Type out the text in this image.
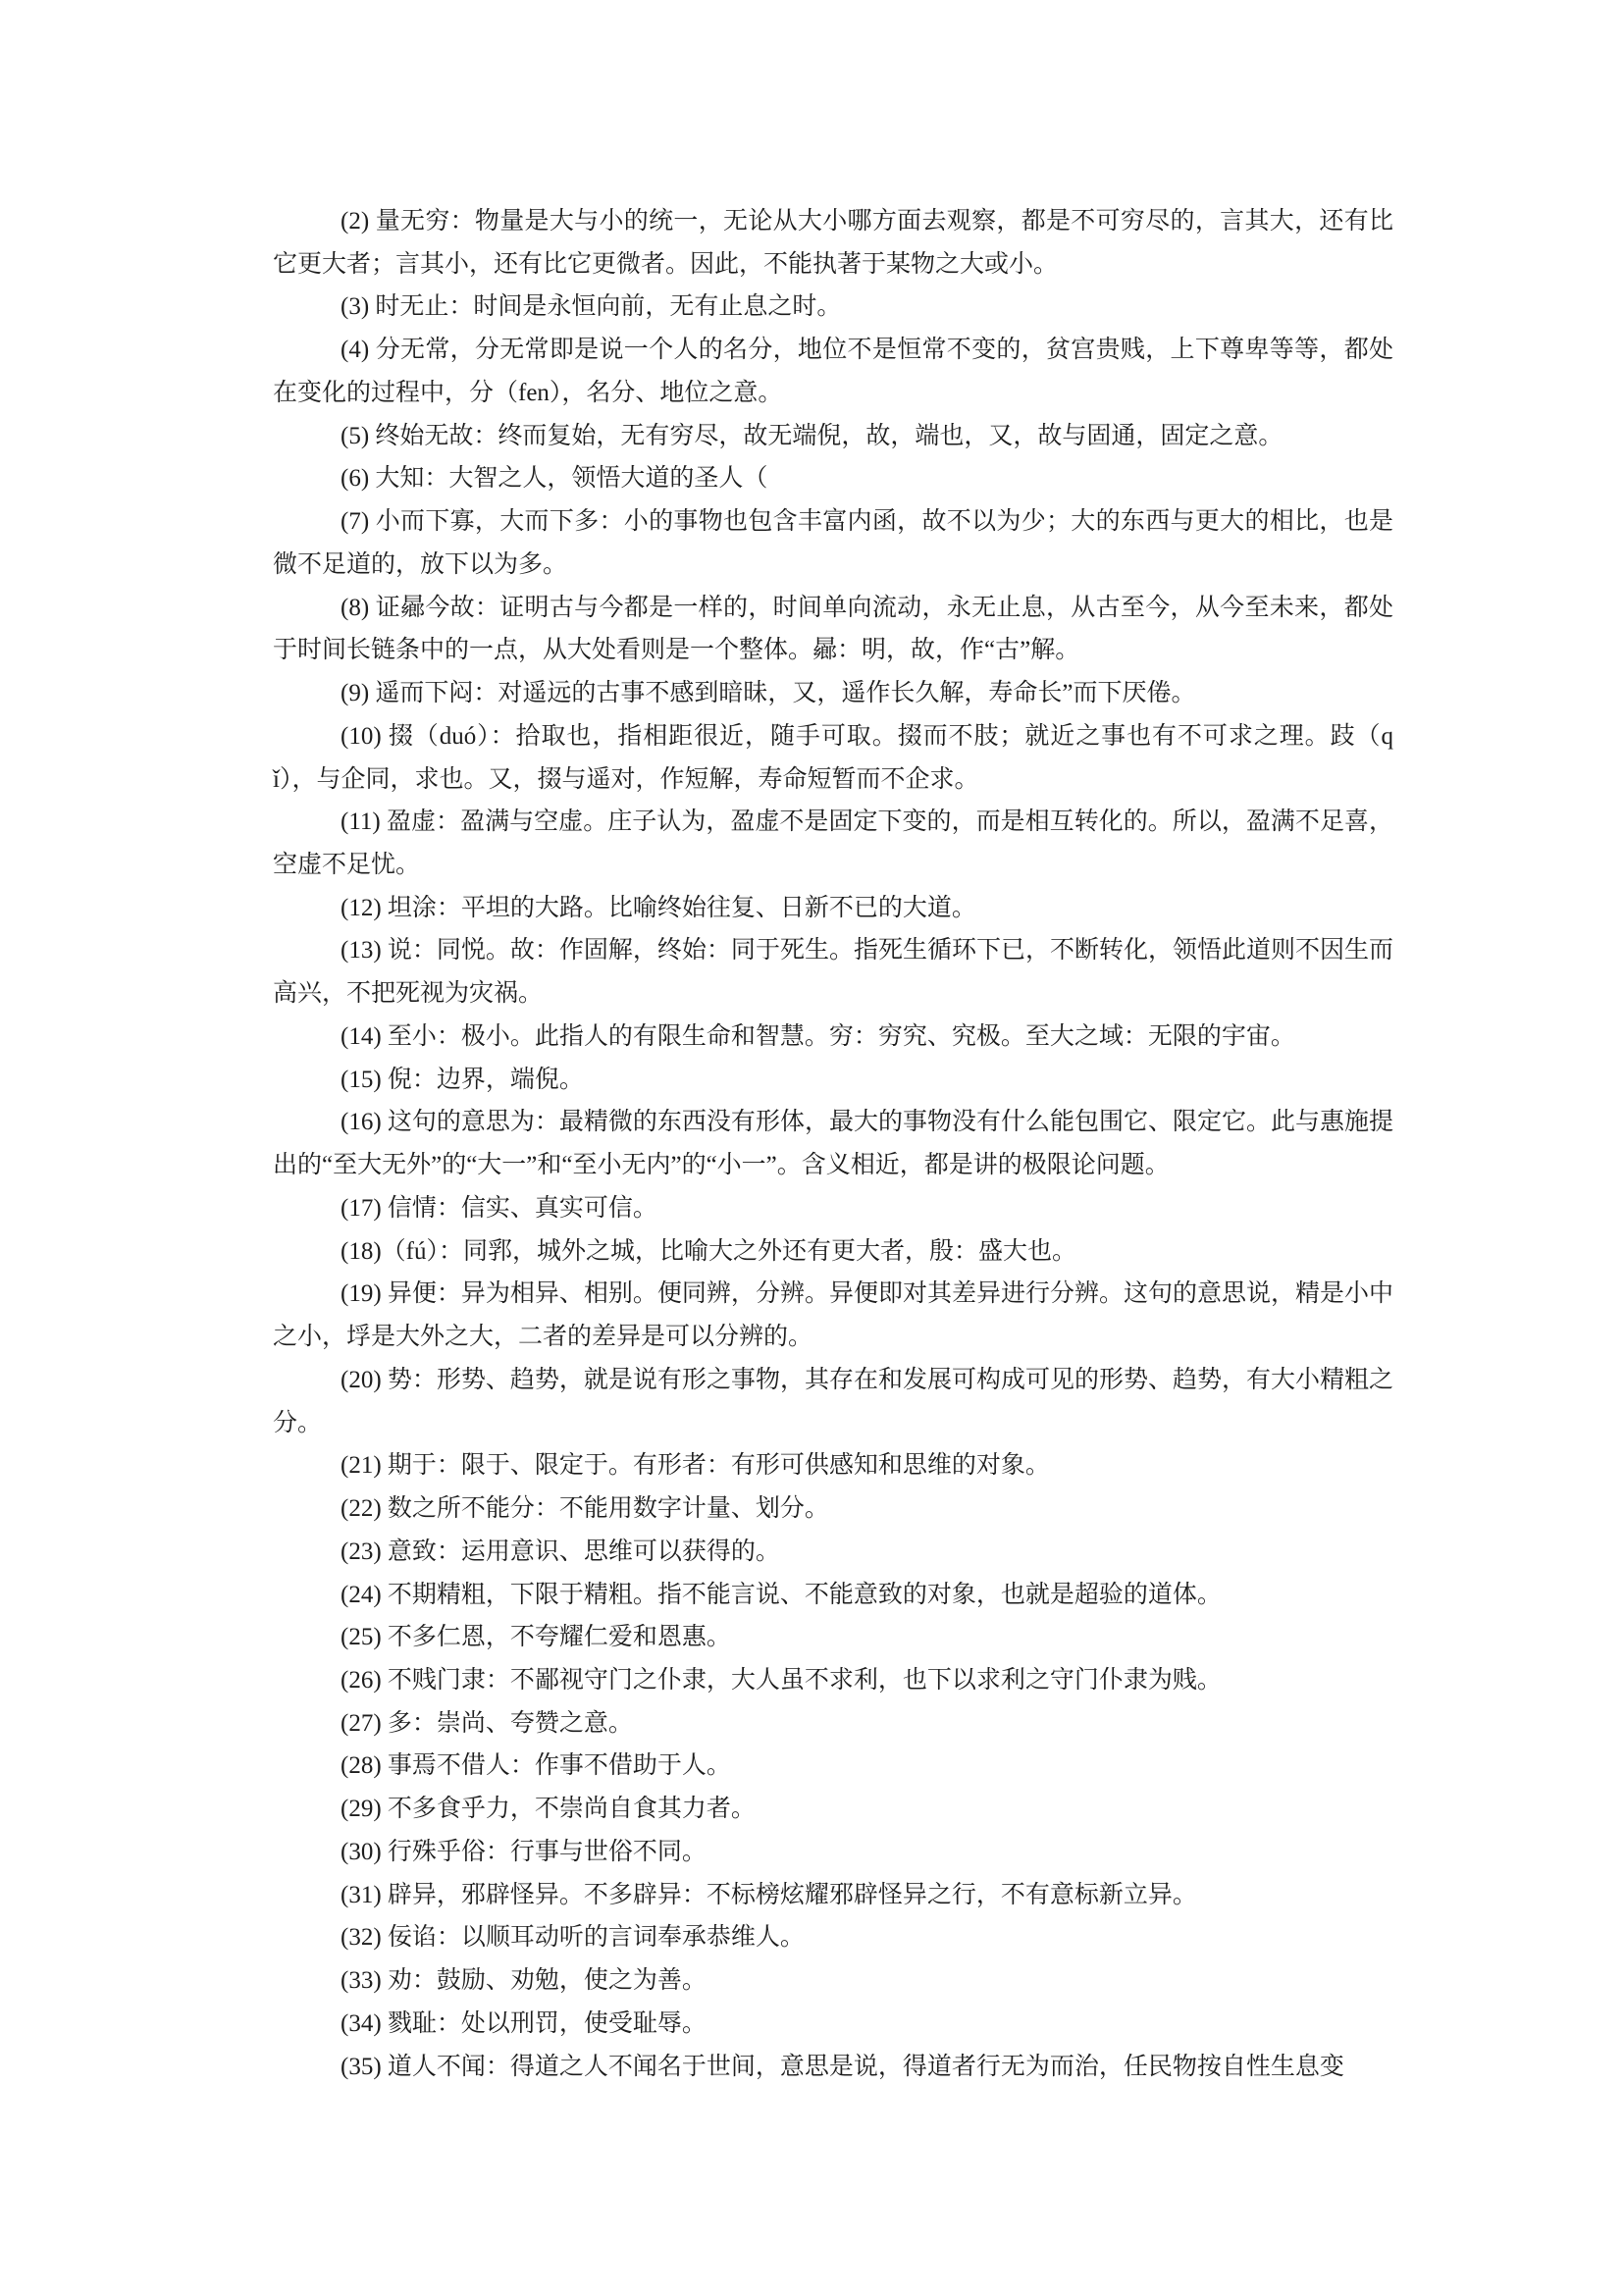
(2) 量无穷：物量是大与小的统一，无论从大小哪方面去观察，都是不可穷尽的，言其大，还有比它更大者；言其小，还有比它更微者。因此，不能执著于某物之大或小。

(3) 时无止：时间是永恒向前，无有止息之时。

(4) 分无常，分无常即是说一个人的名分，地位不是恒常不变的，贫宫贵贱，上下尊卑等等，都处在变化的过程中，分（fen），名分、地位之意。

(5) 终始无故：终而复始，无有穷尽，故无端倪，故，端也，又，故与固通，固定之意。

(6) 大知：大智之人，领悟大道的圣人（

(7) 小而下寡，大而下多：小的事物也包含丰富内函，故不以为少；大的东西与更大的相比，也是微不足道的，放下以为多。

(8) 证曏今故：证明古与今都是一样的，时间单向流动，永无止息，从古至今，从今至未来，都处于时间长链条中的一点，从大处看则是一个整体。曏：明，故，作“古”解。

(9) 遥而下闷：对遥远的古事不感到暗昧，又，遥作长久解，寿命长”而下厌倦。

(10) 掇（duó）：拾取也，指相距很近，随手可取。掇而不肢；就近之事也有不可求之理。跂（q​ǐ），与企同，求也。又，掇与遥对，作短解，寿命短暂而不企求。

(11) 盈虚：盈满与空虚。庄子认为，盈虚不是固定下变的，而是相互转化的。所以，盈满不足喜，空虚不足忧。

(12) 坦涂：平坦的大路。比喻终始往复、日新不已的大道。

(13) 说：同悦。故：作固解，终始：同于死生。指死生循环下已，不断转化，领悟此道则不因生而高兴，不把死视为灾祸。

(14) 至小：极小。此指人的有限生命和智慧。穷：穷究、究极。至大之域：无限的宇宙。

(15) 倪：边界，端倪。

(16) 这句的意思为：最精微的东西没有形体，最大的事物没有什么能包围它、限定它。此与惠施提出的“至大无外”的“大一”和“至小无内”的“小一”。含义相近，都是讲的极限论问题。

(17) 信情：信实、真实可信。

(18)（fú）：同郛，城外之城，比喻大之外还有更大者，殷：盛大也。

(19) 异便：异为相异、相别。便同辨，分辨。异便即对其差异进行分辨。这句的意思说，精是小中之小，垺是大外之大，二者的差异是可以分辨的。

(20) 势：形势、趋势，就是说有形之事物，其存在和发展可构成可见的形势、趋势，有大小精粗之分。

(21) 期于：限于、限定于。有形者：有形可供感知和思维的对象。

(22) 数之所不能分：不能用数字计量、划分。

(23) 意致：运用意识、思维可以获得的。

(24) 不期精粗，下限于精粗。指不能言说、不能意致的对象，也就是超验的道体。

(25) 不多仁恩，不夸耀仁爱和恩惠。

(26) 不贱门隶：不鄙视守门之仆隶，大人虽不求利，也下以求利之守门仆隶为贱。

(27) 多：崇尚、夸赞之意。

(28) 事焉不借人：作事不借助于人。

(29) 不多食乎力，不崇尚自食其力者。

(30) 行殊乎俗：行事与世俗不同。

(31) 辟异，邪辟怪异。不多辟异：不标榜炫耀邪辟怪异之行，不有意标新立异。

(32) 佞谄：以顺耳动听的言词奉承恭维人。

(33) 劝：鼓励、劝勉，使之为善。

(34) 戮耻：处以刑罚，使受耻辱。

(35) 道人不闻：得道之人不闻名于世间，意思是说，得道者行无为而治，任民物按自性生息变
